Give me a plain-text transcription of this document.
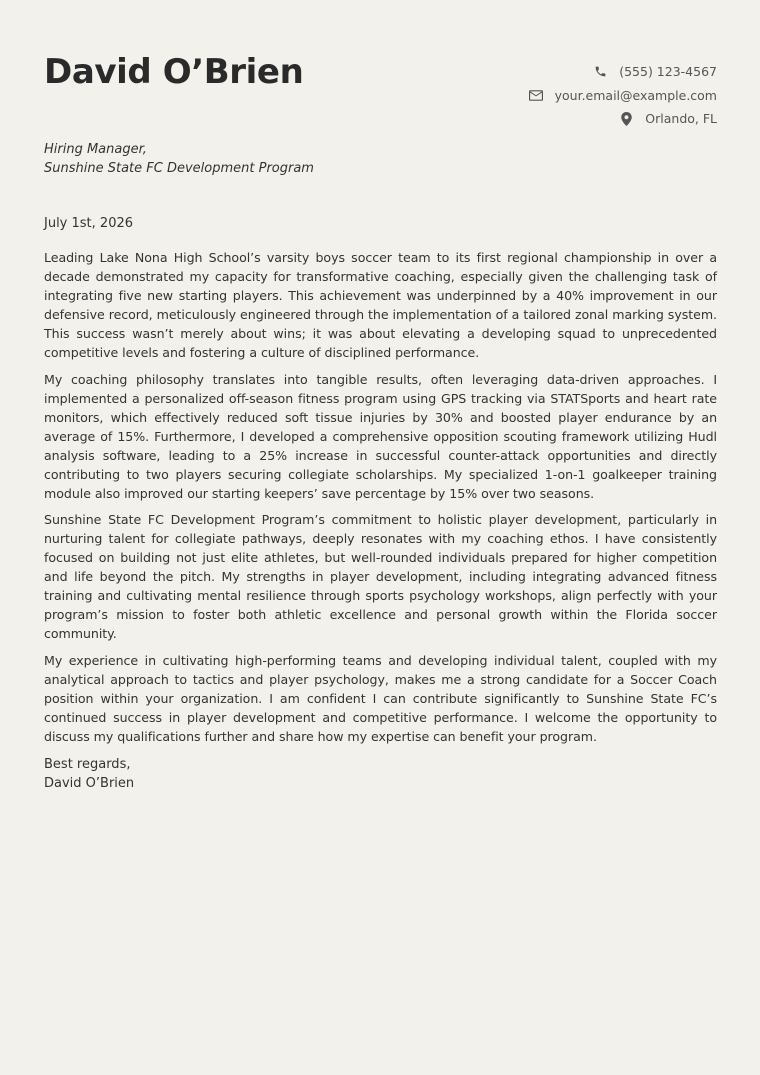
David O’Brien	(555) 123-4567
your.email@example.com
Orlando, FL
Hiring Manager,
Sunshine State FC Development Program
July 1st, 2026

Leading Lake Nona High School’s varsity boys soccer team to its first regional championship in over a decade demonstrated my capacity for transformative coaching, especially given the challenging task of integrating five new starting players. This achievement was underpinned by a 40% improvement in our defensive record, meticulously engineered through the implementation of a tailored zonal marking system. This success wasn’t merely about wins; it was about elevating a developing squad to unprecedented competitive levels and fostering a culture of disciplined performance.

My coaching philosophy translates into tangible results, often leveraging data-driven approaches. I implemented a personalized off-season fitness program using GPS tracking via STATSports and heart rate monitors, which effectively reduced soft tissue injuries by 30% and boosted player endurance by an average of 15%. Furthermore, I developed a comprehensive opposition scouting framework utilizing Hudl analysis software, leading to a 25% increase in successful counter-attack opportunities and directly contributing to two players securing collegiate scholarships. My specialized 1-on-1 goalkeeper training module also improved our starting keepers’ save percentage by 15% over two seasons.

Sunshine State FC Development Program’s commitment to holistic player development, particularly in nurturing talent for collegiate pathways, deeply resonates with my coaching ethos. I have consistently focused on building not just elite athletes, but well-rounded individuals prepared for higher competition and life beyond the pitch. My strengths in player development, including integrating advanced fitness training and cultivating mental resilience through sports psychology workshops, align perfectly with your program’s mission to foster both athletic excellence and personal growth within the Florida soccer community.

My experience in cultivating high-performing teams and developing individual talent, coupled with my analytical approach to tactics and player psychology, makes me a strong candidate for a Soccer Coach position within your organization. I am confident I can contribute significantly to Sunshine State FC’s continued success in player development and competitive performance. I welcome the opportunity to discuss my qualifications further and share how my expertise can benefit your program.

Best regards,
David O’Brien
